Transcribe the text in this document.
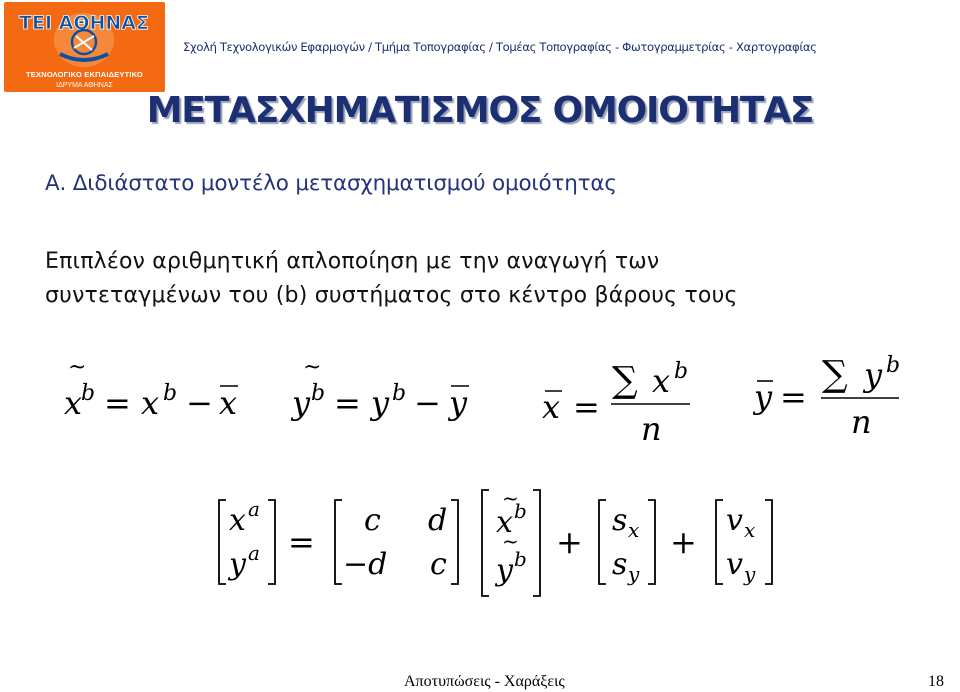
TEI ΑΘΗΝΑΣ
ΤΕΧΝΟΛΟΓΙΚΟ ΕΚΠΑΙΔΕΥΤΙΚΟ
ΙΔΡΥΜΑ ΑΘΗΝΑΣ
Σχολή Τεχνολογικών Εφαρμογών / Τμήμα Τοπογραφίας / Τομέας Τοπογραφίας - Φωτογραμμετρίας - Χαρτογραφίας
ΜΕΤΑΣΧΗΜΑΤΙΣΜΟΣ ΟΜΟΙΟΤΗΤΑΣ
Α. Διδιάστατο μοντέλο μετασχηματισμού ομοιότητας
Επιπλέον αριθμητική απλοποίηση με την αναγωγή των
συντεταγμένων του (b) συστήματος στο κέντρο βάρους τους
~
x
b = x b − x
~
y b = y b − y x =
∑ x b
n
y =
∑ y b
n
x a
y a =
c d
−d c
~
x b
~
y b +
s x
s y
+
v x
v y
Αποτυπώσεις - Χαράξεις	18
